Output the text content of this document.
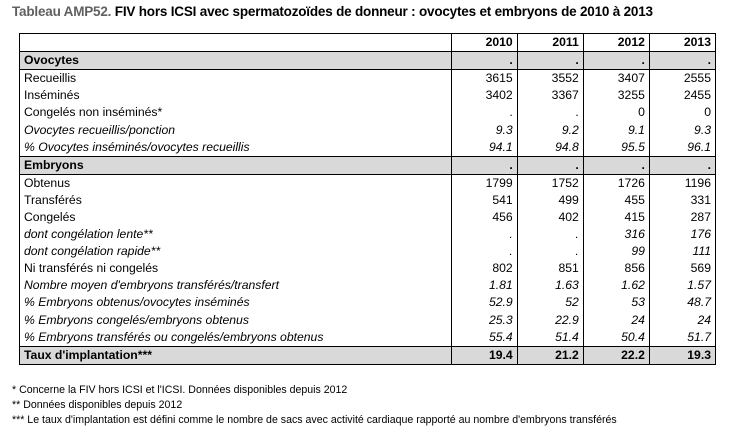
Tableau AMP52. FIV hors ICSI avec spermatozoïdes de donneur : ovocytes et embryons de 2010 à 2013
	2010	2011	2012	2013
Ovocytes	.	.	.	.
Recueillis	3615	3552	3407	2555
Inséminés	3402	3367	3255	2455
Congelés non inséminés*	.	.	0	0
Ovocytes recueillis/ponction	9.3	9.2	9.1	9.3
% Ovocytes inséminés/ovocytes recueillis	94.1	94.8	95.5	96.1
Embryons	.	.	.	.
Obtenus	1799	1752	1726	1196
Transférés	541	499	455	331
Congelés	456	402	415	287
dont congélation lente**	.	.	316	176
dont congélation rapide**	.	.	99	111
Ni transférés ni congelés	802	851	856	569
Nombre moyen d'embryons transférés/transfert	1.81	1.63	1.62	1.57
% Embryons obtenus/ovocytes inséminés	52.9	52	53	48.7
% Embryons congelés/embryons obtenus	25.3	22.9	24	24
% Embryons transférés ou congelés/embryons obtenus	55.4	51.4	50.4	51.7
Taux d'implantation***	19.4	21.2	22.2	19.3
* Concerne la FIV hors ICSI et l'ICSI. Données disponibles depuis 2012
** Données disponibles depuis 2012
*** Le taux d'implantation est défini comme le nombre de sacs avec activité cardiaque rapporté au nombre d'embryons transférés
